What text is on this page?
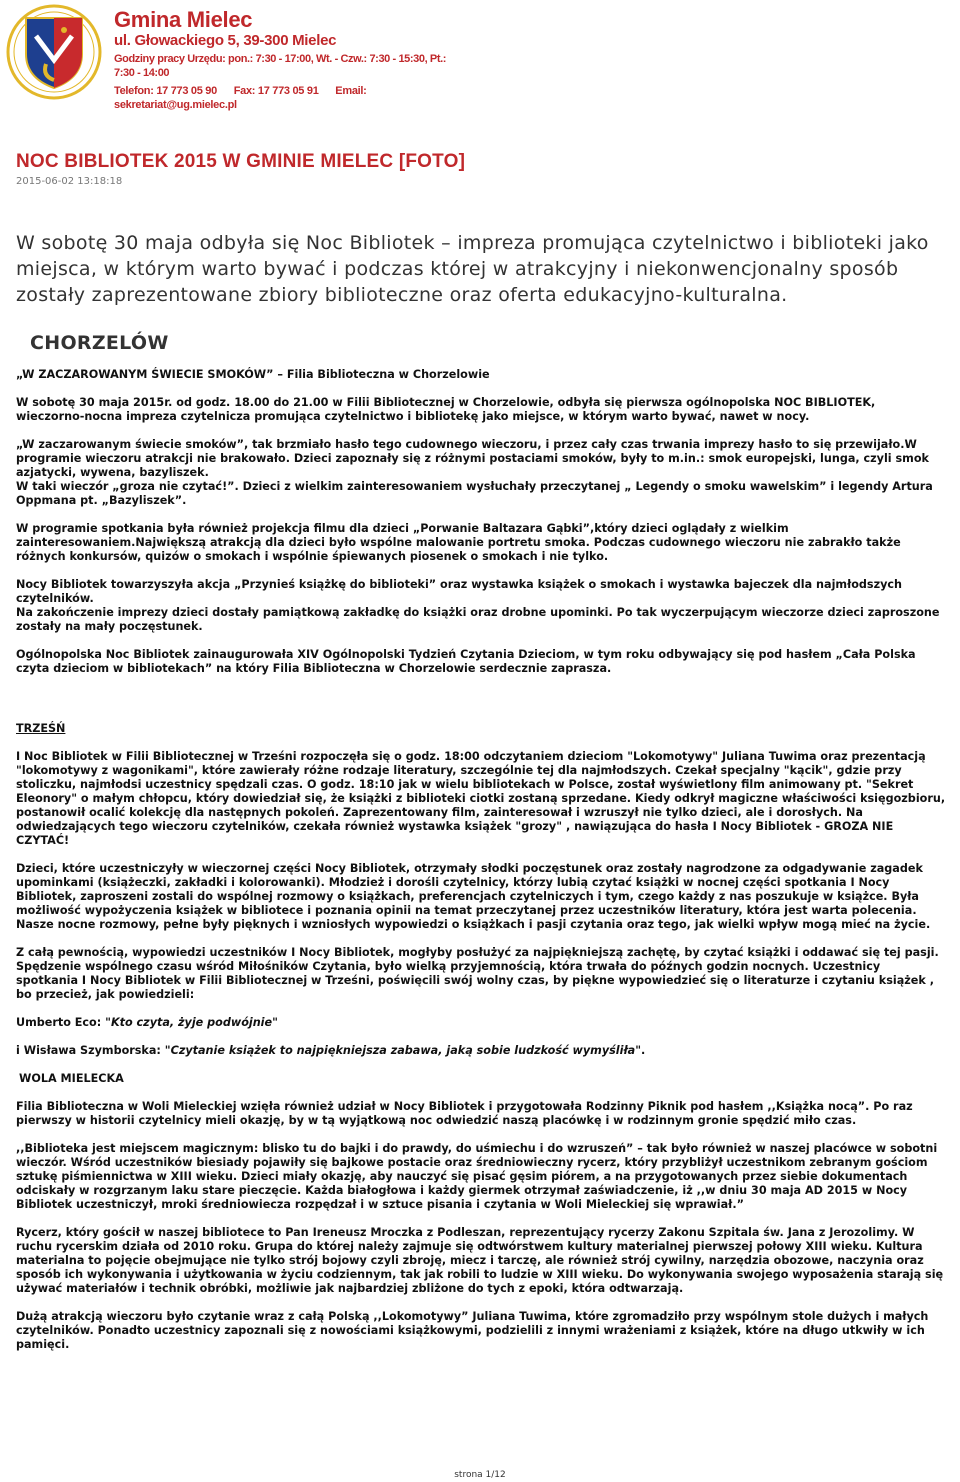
Gmina Mielec
ul. Głowackiego 5, 39-300 Mielec
Godziny pracy Urzędu: pon.: 7:30 - 17:00, Wt. - Czw.: 7:30 - 15:30, Pt.: 7:30 - 14:00
Telefon: 17 773 05 90 Fax: 17 773 05 91 Email: sekretariat@ug.mielec.pl
NOC BIBLIOTEK 2015 W GMINIE MIELEC [FOTO]
2015-06-02 13:18:18
W sobotę 30 maja odbyła się Noc Bibliotek – impreza promująca czytelnictwo i biblioteki jako miejsca, w którym warto bywać i podczas której w atrakcyjny i niekonwencjonalny sposób zostały zaprezentowane zbiory biblioteczne oraz oferta edukacyjno-kulturalna.
CHORZELÓW

„W ZACZAROWANYM ŚWIECIE SMOKÓW” – Filia Biblioteczna w Chorzelowie

W sobotę 30 maja 2015r. od godz. 18.00 do 21.00 w Filii Bibliotecznej w Chorzelowie, odbyła się pierwsza ogólnopolska NOC BIBLIOTEK, wieczorno-nocna impreza czytelnicza promująca czytelnictwo i bibliotekę jako miejsce, w którym warto bywać, nawet w nocy.

„W zaczarowanym świecie smoków”, tak brzmiało hasło tego cudownego wieczoru, i przez cały czas trwania imprezy hasło to się przewijało.W programie wieczoru atrakcji nie brakowało. Dzieci zapoznały się z różnymi postaciami smoków, były to m.in.: smok europejski, lunga, czyli smok azjatycki, wywena, bazyliszek.

W taki wieczór „groza nie czytać!”. Dzieci z wielkim zainteresowaniem wysłuchały przeczytanej „ Legendy o smoku wawelskim” i legendy Artura Oppmana pt. „Bazyliszek”.

W programie spotkania była również projekcja filmu dla dzieci „Porwanie Baltazara Gąbki”,który dzieci oglądały z wielkim zainteresowaniem.Największą atrakcją dla dzieci było wspólne malowanie portretu smoka. Podczas cudownego wieczoru nie zabrakło także różnych konkursów, quizów o smokach i wspólnie śpiewanych piosenek o smokach i nie tylko.

Nocy Bibliotek towarzyszyła akcja „Przynieś książkę do biblioteki” oraz wystawka książek o smokach i wystawka bajeczek dla najmłodszych czytelników.

Na zakończenie imprezy dzieci dostały pamiątkową zakładkę do książki oraz drobne upominki. Po tak wyczerpującym wieczorze dzieci zaproszone zostały na mały poczęstunek.

Ogólnopolska Noc Bibliotek zainaugurowała XIV Ogólnopolski Tydzień Czytania Dzieciom, w tym roku odbywający się pod hasłem „Cała Polska czyta dzieciom w bibliotekach” na który Filia Biblioteczna w Chorzelowie serdecznie zaprasza.

TRZEŚŃ

I Noc Bibliotek w Filii Bibliotecznej w Trześni rozpoczęła się o godz. 18:00 odczytaniem dzieciom "Lokomotywy" Juliana Tuwima oraz prezentacją "lokomotywy z wagonikami", które zawierały różne rodzaje literatury, szczególnie tej dla najmłodszych. Czekał specjalny "kącik", gdzie przy stoliczku, najmłodsi uczestnicy spędzali czas. O godz. 18:10 jak w wielu bibliotekach w Polsce, został wyświetlony film animowany pt. "Sekret Eleonory" o małym chłopcu, który dowiedział się, że książki z biblioteki ciotki zostaną sprzedane. Kiedy odkrył magiczne właściwości księgozbioru, postanowił ocalić kolekcję dla następnych pokoleń. Zaprezentowany film, zainteresował i wzruszył nie tylko dzieci, ale i dorosłych. Na odwiedzających tego wieczoru czytelników, czekała również wystawka książek "grozy" , nawiązująca do hasła I Nocy Bibliotek - GROZA NIE CZYTAĆ!

Dzieci, które uczestniczyły w wieczornej części Nocy Bibliotek, otrzymały słodki poczęstunek oraz zostały nagrodzone za odgadywanie zagadek upominkami (książeczki, zakładki i kolorowanki). Młodzież i dorośli czytelnicy, którzy lubią czytać książki w nocnej części spotkania I Nocy Bibliotek, zaproszeni zostali do wspólnej rozmowy o książkach, preferencjach czytelniczych i tym, czego każdy z nas poszukuje w książce. Była możliwość wypożyczenia książek w bibliotece i poznania opinii na temat przeczytanej przez uczestników literatury, która jest warta polecenia. Nasze nocne rozmowy, pełne były pięknych i wzniosłych wypowiedzi o książkach i pasji czytania oraz tego, jak wielki wpływ mogą mieć na życie.

Z całą pewnością, wypowiedzi uczestników I Nocy Bibliotek, mogłyby posłużyć za najpiękniejszą zachętę, by czytać książki i oddawać się tej pasji. Spędzenie wspólnego czasu wśród Miłośników Czytania, było wielką przyjemnością, która trwała do późnych godzin nocnych. Uczestnicy spotkania I Nocy Bibliotek w Filii Bibliotecznej w Trześni, poświęcili swój wolny czas, by piękne wypowiedzieć się o literaturze i czytaniu książek , bo przecież, jak powiedzieli:

Umberto Eco: "Kto czyta, żyje podwójnie"

i Wisława Szymborska: "Czytanie książek to najpiękniejsza zabawa, jaką sobie ludzkość wymyśliła".

WOLA MIELECKA

Filia Biblioteczna w Woli Mieleckiej wzięła również udział w Nocy Bibliotek i przygotowała Rodzinny Piknik pod hasłem ,,Książka nocą”. Po raz pierwszy w historii czytelnicy mieli okazję, by w tą wyjątkową noc odwiedzić naszą placówkę i w rodzinnym gronie spędzić miło czas.

,,Biblioteka jest miejscem magicznym: blisko tu do bajki i do prawdy, do uśmiechu i do wzruszeń” – tak było również w naszej placówce w sobotni wieczór. Wśród uczestników biesiady pojawiły się bajkowe postacie oraz średniowieczny rycerz, który przybliżył uczestnikom zebranym gościom sztukę piśmiennictwa w XIII wieku. Dzieci miały okazję, aby nauczyć się pisać gęsim piórem, a na przygotowanych przez siebie dokumentach odciskały w rozgrzanym laku stare pieczęcie. Każda białogłowa i każdy giermek otrzymał zaświadczenie, iż ,,w dniu 30 maja AD 2015 w Nocy Bibliotek uczestniczył, mroki średniowiecza rozpędzał i w sztuce pisania i czytania w Woli Mieleckiej się wprawiał.”

Rycerz, który gościł w naszej bibliotece to Pan Ireneusz Mroczka z Podleszan, reprezentujący rycerzy Zakonu Szpitala św. Jana z Jerozolimy. W ruchu rycerskim działa od 2010 roku. Grupa do której należy zajmuje się odtwórstwem kultury materialnej pierwszej połowy XIII wieku. Kultura materialna to pojęcie obejmujące nie tylko strój bojowy czyli zbroję, miecz i tarczę, ale również strój cywilny, narzędzia obozowe, naczynia oraz sposób ich wykonywania i użytkowania w życiu codziennym, tak jak robili to ludzie w XIII wieku. Do wykonywania swojego wyposażenia starają się używać materiałów i technik obróbki, możliwie jak najbardziej zbliżone do tych z epoki, która odtwarzają.

Dużą atrakcją wieczoru było czytanie wraz z całą Polską ,,Lokomotywy” Juliana Tuwima, które zgromadziło przy wspólnym stole dużych i małych czytelników. Ponadto uczestnicy zapoznali się z nowościami książkowymi, podzielili z innymi wrażeniami z książek, które na długo utkwiły w ich pamięci.

strona 1/12
